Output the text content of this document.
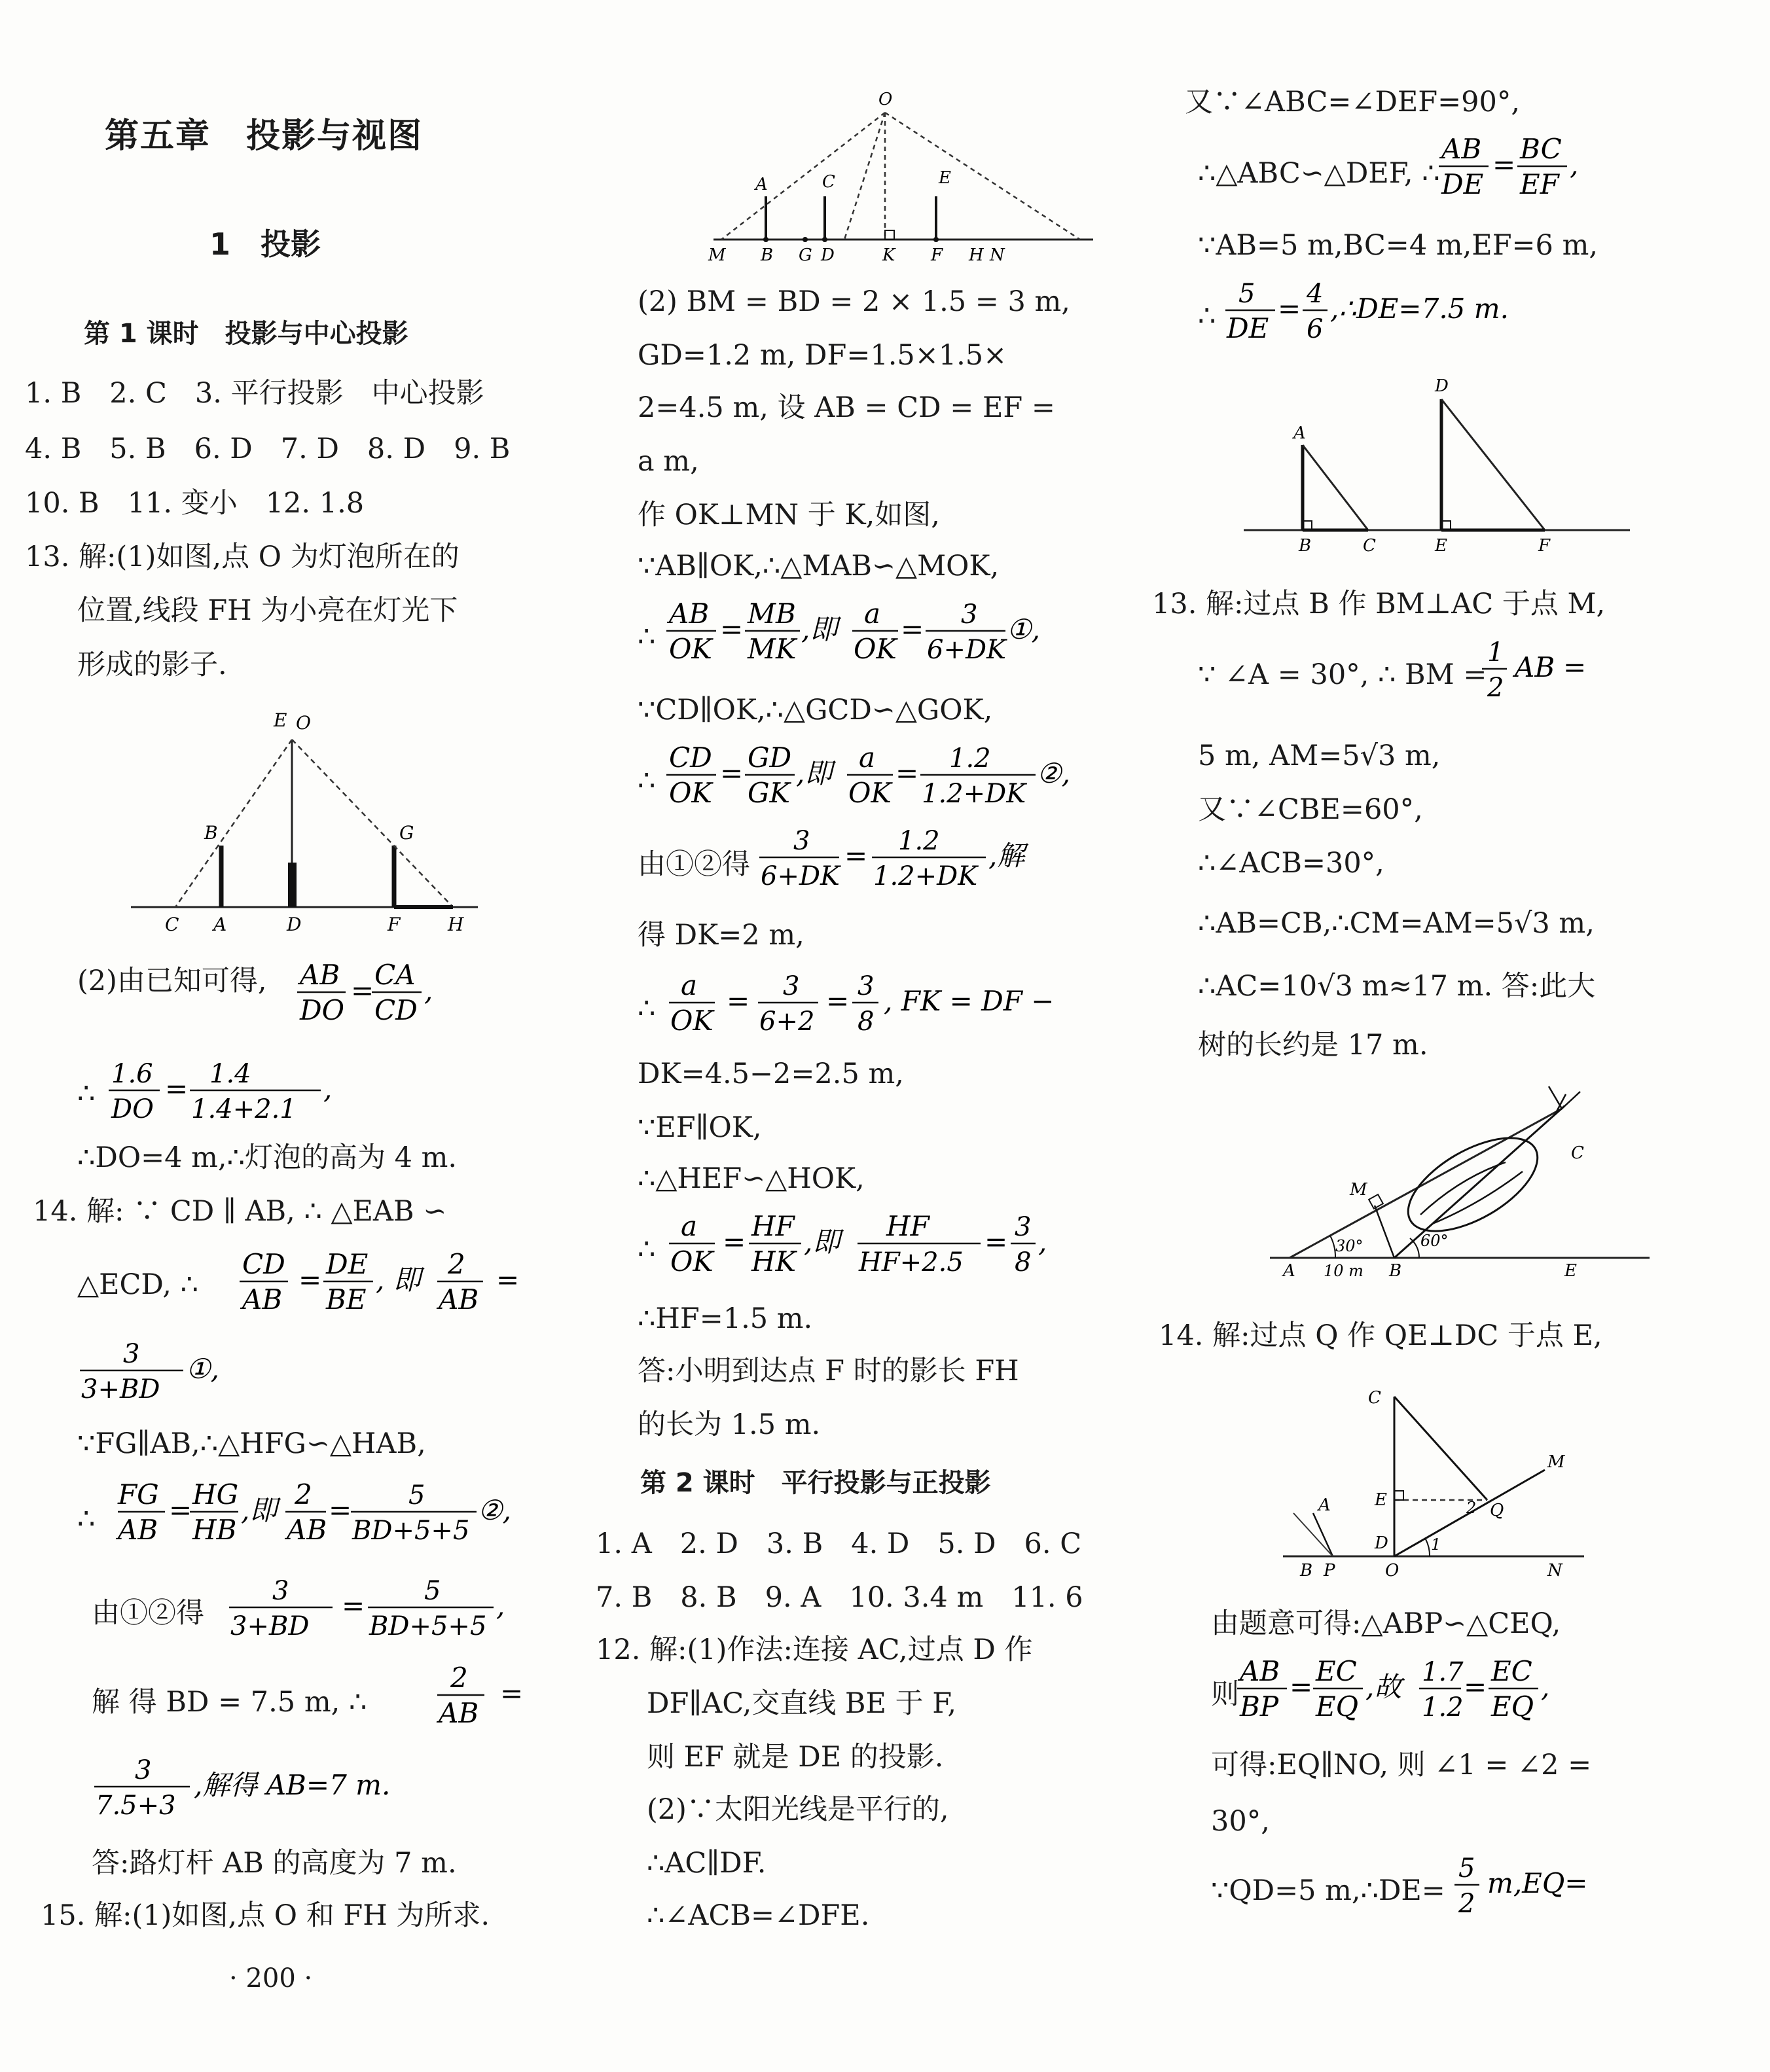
第五章　投影与视图
1　投影
第 1 课时　投影与中心投影
1. B　2. C　3. 平行投影　中心投影
4. B　5. B　6. D　7. D　8. D　9. B
10. B　11. 变小　12. 1.8
13. 解:(1)如图,点 O 为灯泡所在的
位置,线段 FH 为小亮在灯光下
形成的影子.
E O
B	G
C A	D	F	H
(2)由已知可得, AB
DO
= CA
CD
,
∴
1.6
DO
= 1.4
1.4+2.1
,
∴DO=4 m,∴灯泡的高为 4 m.
14. 解: ∵ CD ∥ AB, ∴ △EAB ∽
△ECD, ∴
CD
AB
= DE
BE
, 即 2
AB
=
3
3+BD
①,
∵FG∥AB,∴△HFG∽△HAB,
∴
FG
AB
= HG
HB
,即 2
AB
= 5
BD+5+5
②,
由①②得
3
3+BD
= 5
BD+5+5
,
解 得 BD = 7.5 m, ∴
2
AB
=
3
7.5+3
,解得 AB=7 m.
答:路灯杆 AB 的高度为 7 m.
15. 解:(1)如图,点 O 和 FH 为所求.
· 200 ·
O
A	C	E
M B G D	K F H N
(2) BM = BD = 2 × 1.5 = 3 m,
GD=1.2 m, DF=1.5×1.5×
2=4.5 m, 设 AB = CD = EF =
a m,
作 OK⊥MN 于 K,如图,
∵AB∥OK,∴△MAB∽△MOK,
∴
AB
OK
= MB
MK
,即 a
OK
= 3
6+DK
①,
∵CD∥OK,∴△GCD∽△GOK,
∴
CD
OK
= GD
GK
,即 a
OK
= 1.2
1.2+DK
②,
由①②得
3
6+DK
= 1.2
1.2+DK
,解
得 DK=2 m,
∴
a
OK
= 3
6+2
= 3
8
, FK = DF −
DK=4.5−2=2.5 m,
∵EF∥OK,
∴△HEF∽△HOK,
∴
a
OK
= HF
HK
,即 HF
HF+2.5
= 3
8
,
∴HF=1.5 m.
答:小明到达点 F 时的影长 FH
的长为 1.5 m.
第 2 课时　平行投影与正投影
1. A　2. D　3. B　4. D　5. D　6. C
7. B　8. B　9. A　10. 3.4 m　11. 6
12. 解:(1)作法:连接 AC,过点 D 作
DF∥AC,交直线 BE 于 F,
则 EF 就是 DE 的投影.
(2)∵太阳光线是平行的,
∴AC∥DF.
∴∠ACB=∠DFE.
又∵∠ABC=∠DEF=90°,
∴△ABC∽△DEF, ∴
AB
DE
= BC
EF
,
∵AB=5 m,BC=4 m,EF=6 m,
∴
5
DE
= 4
6
,∴DE=7.5 m.
D
A
B	C	E	F
13. 解:过点 B 作 BM⊥AC 于点 M,
∵ ∠A = 30°, ∴ BM =
1
2
AB =
5 m, AM=5√3 m,
又∵∠CBE=60°,
∴∠ACB=30°,
∴AB=CB,∴CM=AM=5√3 m,
∴AC=10√3 m≈17 m. 答:此大
树的长约是 17 m.
C
M
30°	60°
A 10 m B	E
14. 解:过点 Q 作 QE⊥DC 于点 E,
C
M
E	2 Q
A
D	1
B P	O	N
由题意可得:△ABP∽△CEQ,
则
AB
BP
= EC
EQ
,故 1.7
1.2
= EC
EQ
,
可得:EQ∥NO, 则 ∠1 = ∠2 =
30°,
∵QD=5 m,∴DE=
5
2
m,EQ=
